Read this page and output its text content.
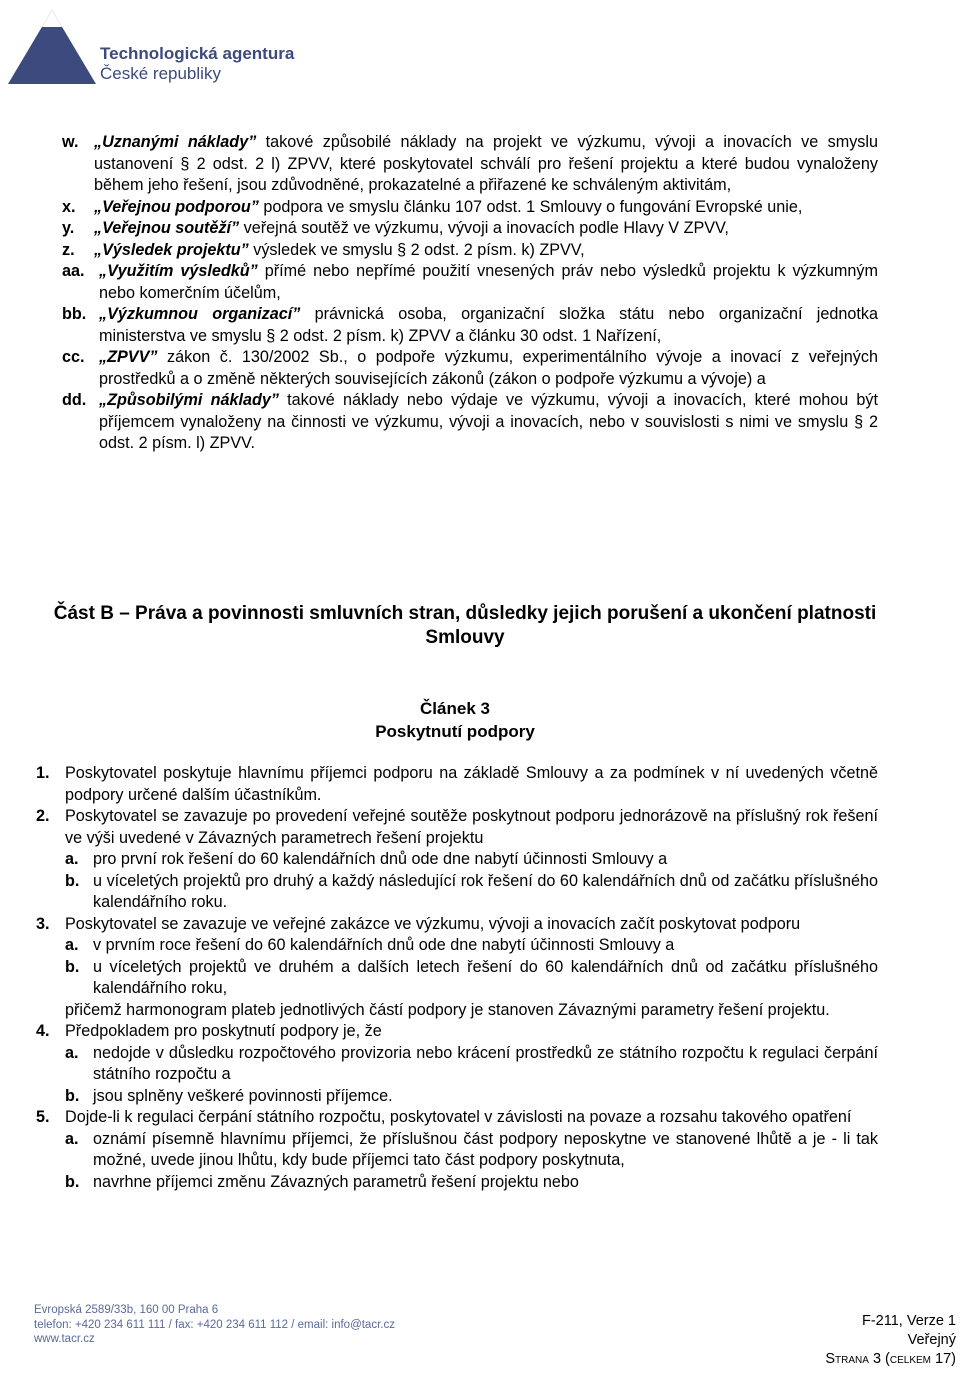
Technologická agentura
České republiky
w. „Uznanými náklady” takové způsobilé náklady na projekt ve výzkumu, vývoji a inovacích ve smyslu ustanovení § 2 odst. 2 l) ZPVV, které poskytovatel schválí pro řešení projektu a které budou vynaloženy během jeho řešení, jsou zdůvodněné, prokazatelné a přiřazené ke schváleným aktivitám,
x.	„Veřejnou podporou” podpora ve smyslu článku 107 odst. 1 Smlouvy o fungování Evropské unie,
y.	„Veřejnou soutěží” veřejná soutěž ve výzkumu, vývoji a inovacích podle Hlavy V ZPVV,
z.	„Výsledek projektu” výsledek ve smyslu § 2 odst. 2 písm. k) ZPVV,
aa. „Využitím výsledků” přímé nebo nepřímé použití vnesených práv nebo výsledků projektu k výzkumným nebo komerčním účelům,
bb. „Výzkumnou organizací” právnická osoba, organizační složka státu nebo organizační jednotka ministerstva ve smyslu § 2 odst. 2 písm. k) ZPVV a článku 30 odst. 1 Nařízení,
cc. „ZPVV” zákon č. 130/2002 Sb., o podpoře výzkumu, experimentálního vývoje a inovací z veřejných prostředků a o změně některých souvisejících zákonů (zákon o podpoře výzkumu a vývoje) a
dd. „Způsobilými náklady” takové náklady nebo výdaje ve výzkumu, vývoji a inovacích, které mohou být příjemcem vynaloženy na činnosti ve výzkumu, vývoji a inovacích, nebo v souvislosti s nimi ve smyslu § 2 odst. 2 písm. l) ZPVV.
Část B – Práva a povinnosti smluvních stran, důsledky jejich porušení a ukončení platnosti Smlouvy
Článek 3
Poskytnutí podpory
1. Poskytovatel poskytuje hlavnímu příjemci podporu na základě Smlouvy a za podmínek v ní uvedených včetně podpory určené dalším účastníkům.
2. Poskytovatel se zavazuje po provedení veřejné soutěže poskytnout podporu jednorázově na příslušný rok řešení ve výši uvedené v Závazných parametrech řešení projektu
a. pro první rok řešení do 60 kalendářních dnů ode dne nabytí účinnosti Smlouvy a
b. u víceletých projektů pro druhý a každý následující rok řešení do 60 kalendářních dnů od začátku příslušného kalendářního roku.
3. Poskytovatel se zavazuje ve veřejné zakázce ve výzkumu, vývoji a inovacích začít poskytovat podporu
a. v prvním roce řešení do 60 kalendářních dnů ode dne nabytí účinnosti Smlouvy a
b. u víceletých projektů ve druhém a dalších letech řešení do 60 kalendářních dnů od začátku příslušného kalendářního roku,
přičemž harmonogram plateb jednotlivých částí podpory je stanoven Závaznými parametry řešení projektu.
4. Předpokladem pro poskytnutí podpory je, že
a. nedojde v důsledku rozpočtového provizoria nebo krácení prostředků ze státního rozpočtu k regulaci čerpání státního rozpočtu a
b. jsou splněny veškeré povinnosti příjemce.
5. Dojde-li k regulaci čerpání státního rozpočtu, poskytovatel v závislosti na povaze a rozsahu takového opatření
a. oznámí písemně hlavnímu příjemci, že příslušnou část podpory neposkytne ve stanovené lhůtě a je - li tak možné, uvede jinou lhůtu, kdy bude příjemci tato část podpory poskytnuta,
b. navrhne příjemci změnu Závazných parametrů řešení projektu nebo
Evropská 2589/33b, 160 00 Praha 6
telefon: +420 234 611 111 / fax: +420 234 611 112 / email: info@tacr.cz
www.tacr.cz
F-211, Verze 1
Veřejný
Strana 3 (celkem 17)
